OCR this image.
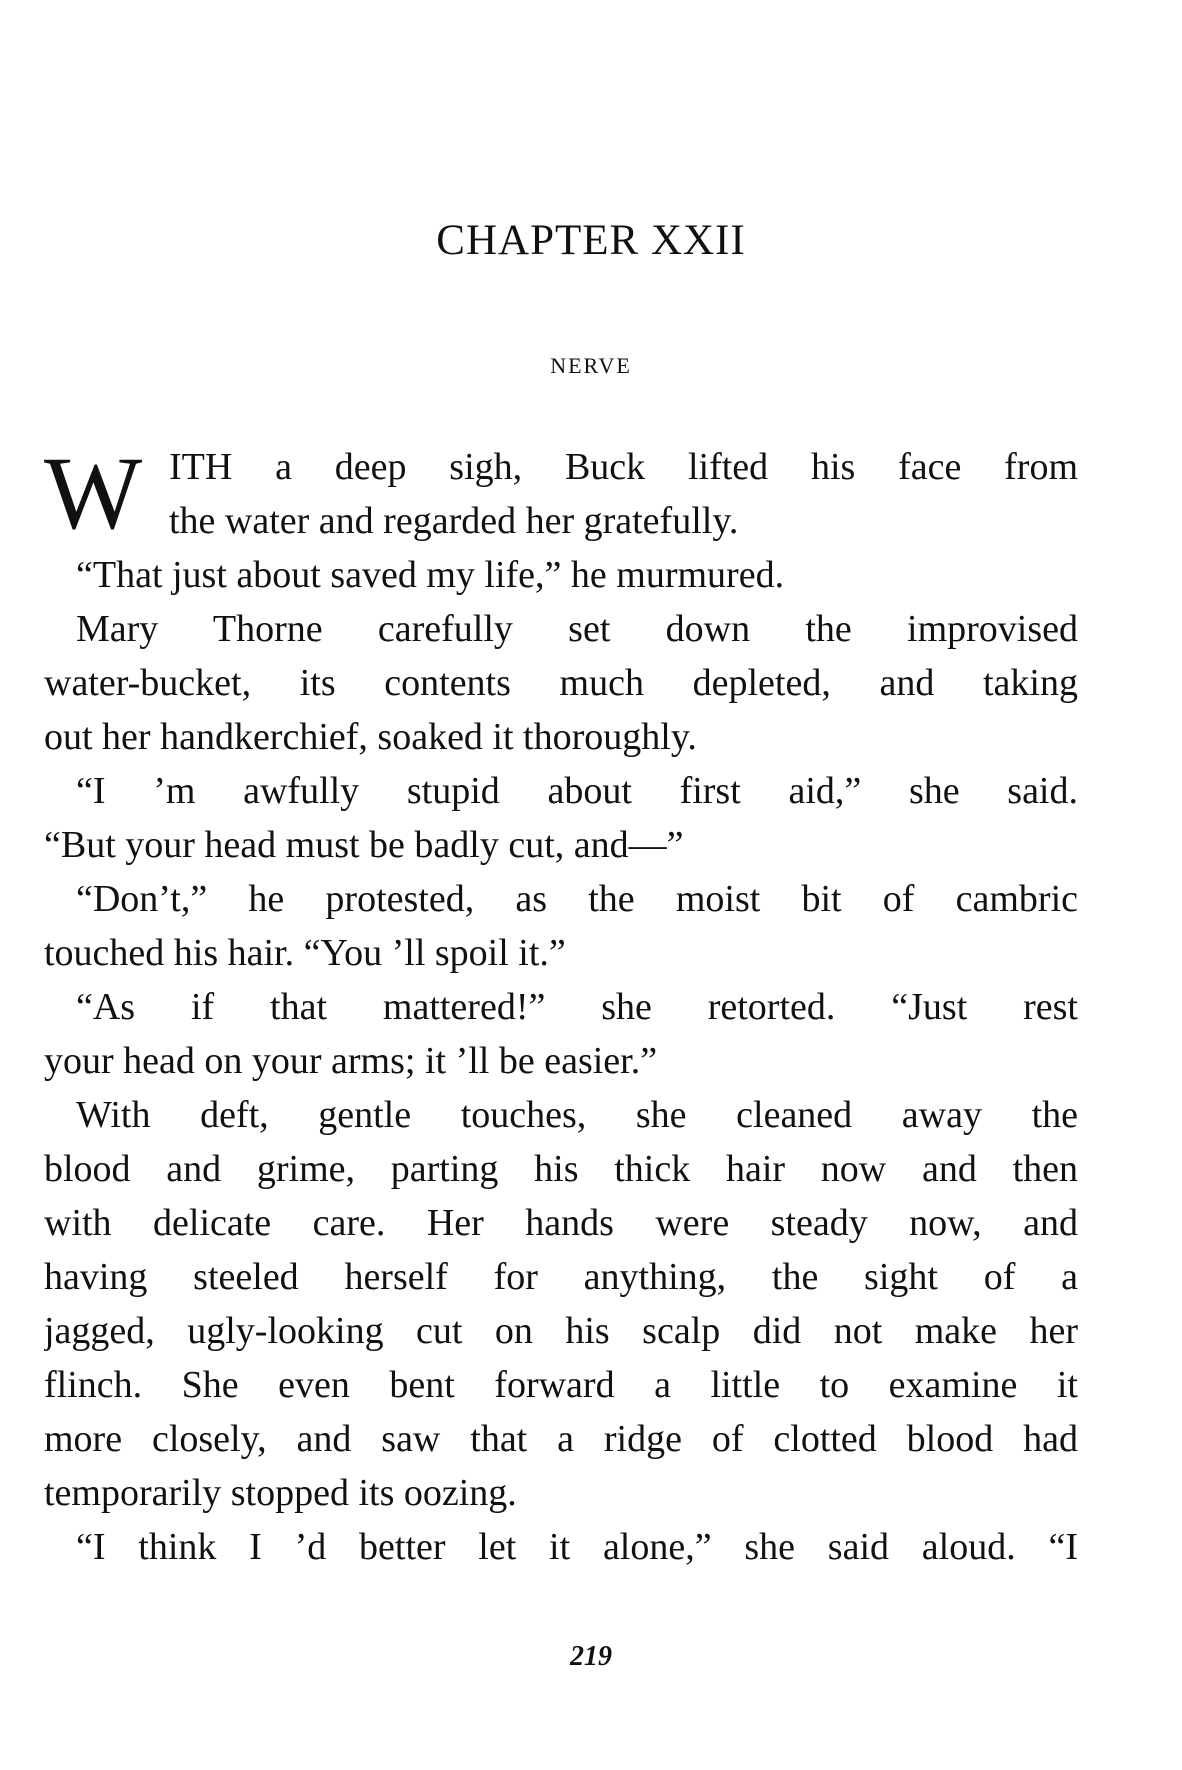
CHAPTER XXII
NERVE
W ITH a deep sigh, Buck lifted his face from
the water and regarded her gratefully.
“That just about saved my life,” he murmured.
Mary Thorne carefully set down the improvised
water-bucket, its contents much depleted, and taking
out her handkerchief, soaked it thoroughly.
“I ’m awfully stupid about first aid,” she said.
“But your head must be badly cut, and—”
“Don’t,” he protested, as the moist bit of cambric
touched his hair. “You ’ll spoil it.”
“As if that mattered!” she retorted. “Just rest
your head on your arms; it ’ll be easier.”
With deft, gentle touches, she cleaned away the
blood and grime, parting his thick hair now and then
with delicate care. Her hands were steady now, and
having steeled herself for anything, the sight of a
jagged, ugly-looking cut on his scalp did not make her
flinch. She even bent forward a little to examine it
more closely, and saw that a ridge of clotted blood had
temporarily stopped its oozing.
“I think I ’d better let it alone,” she said aloud. “I
219
